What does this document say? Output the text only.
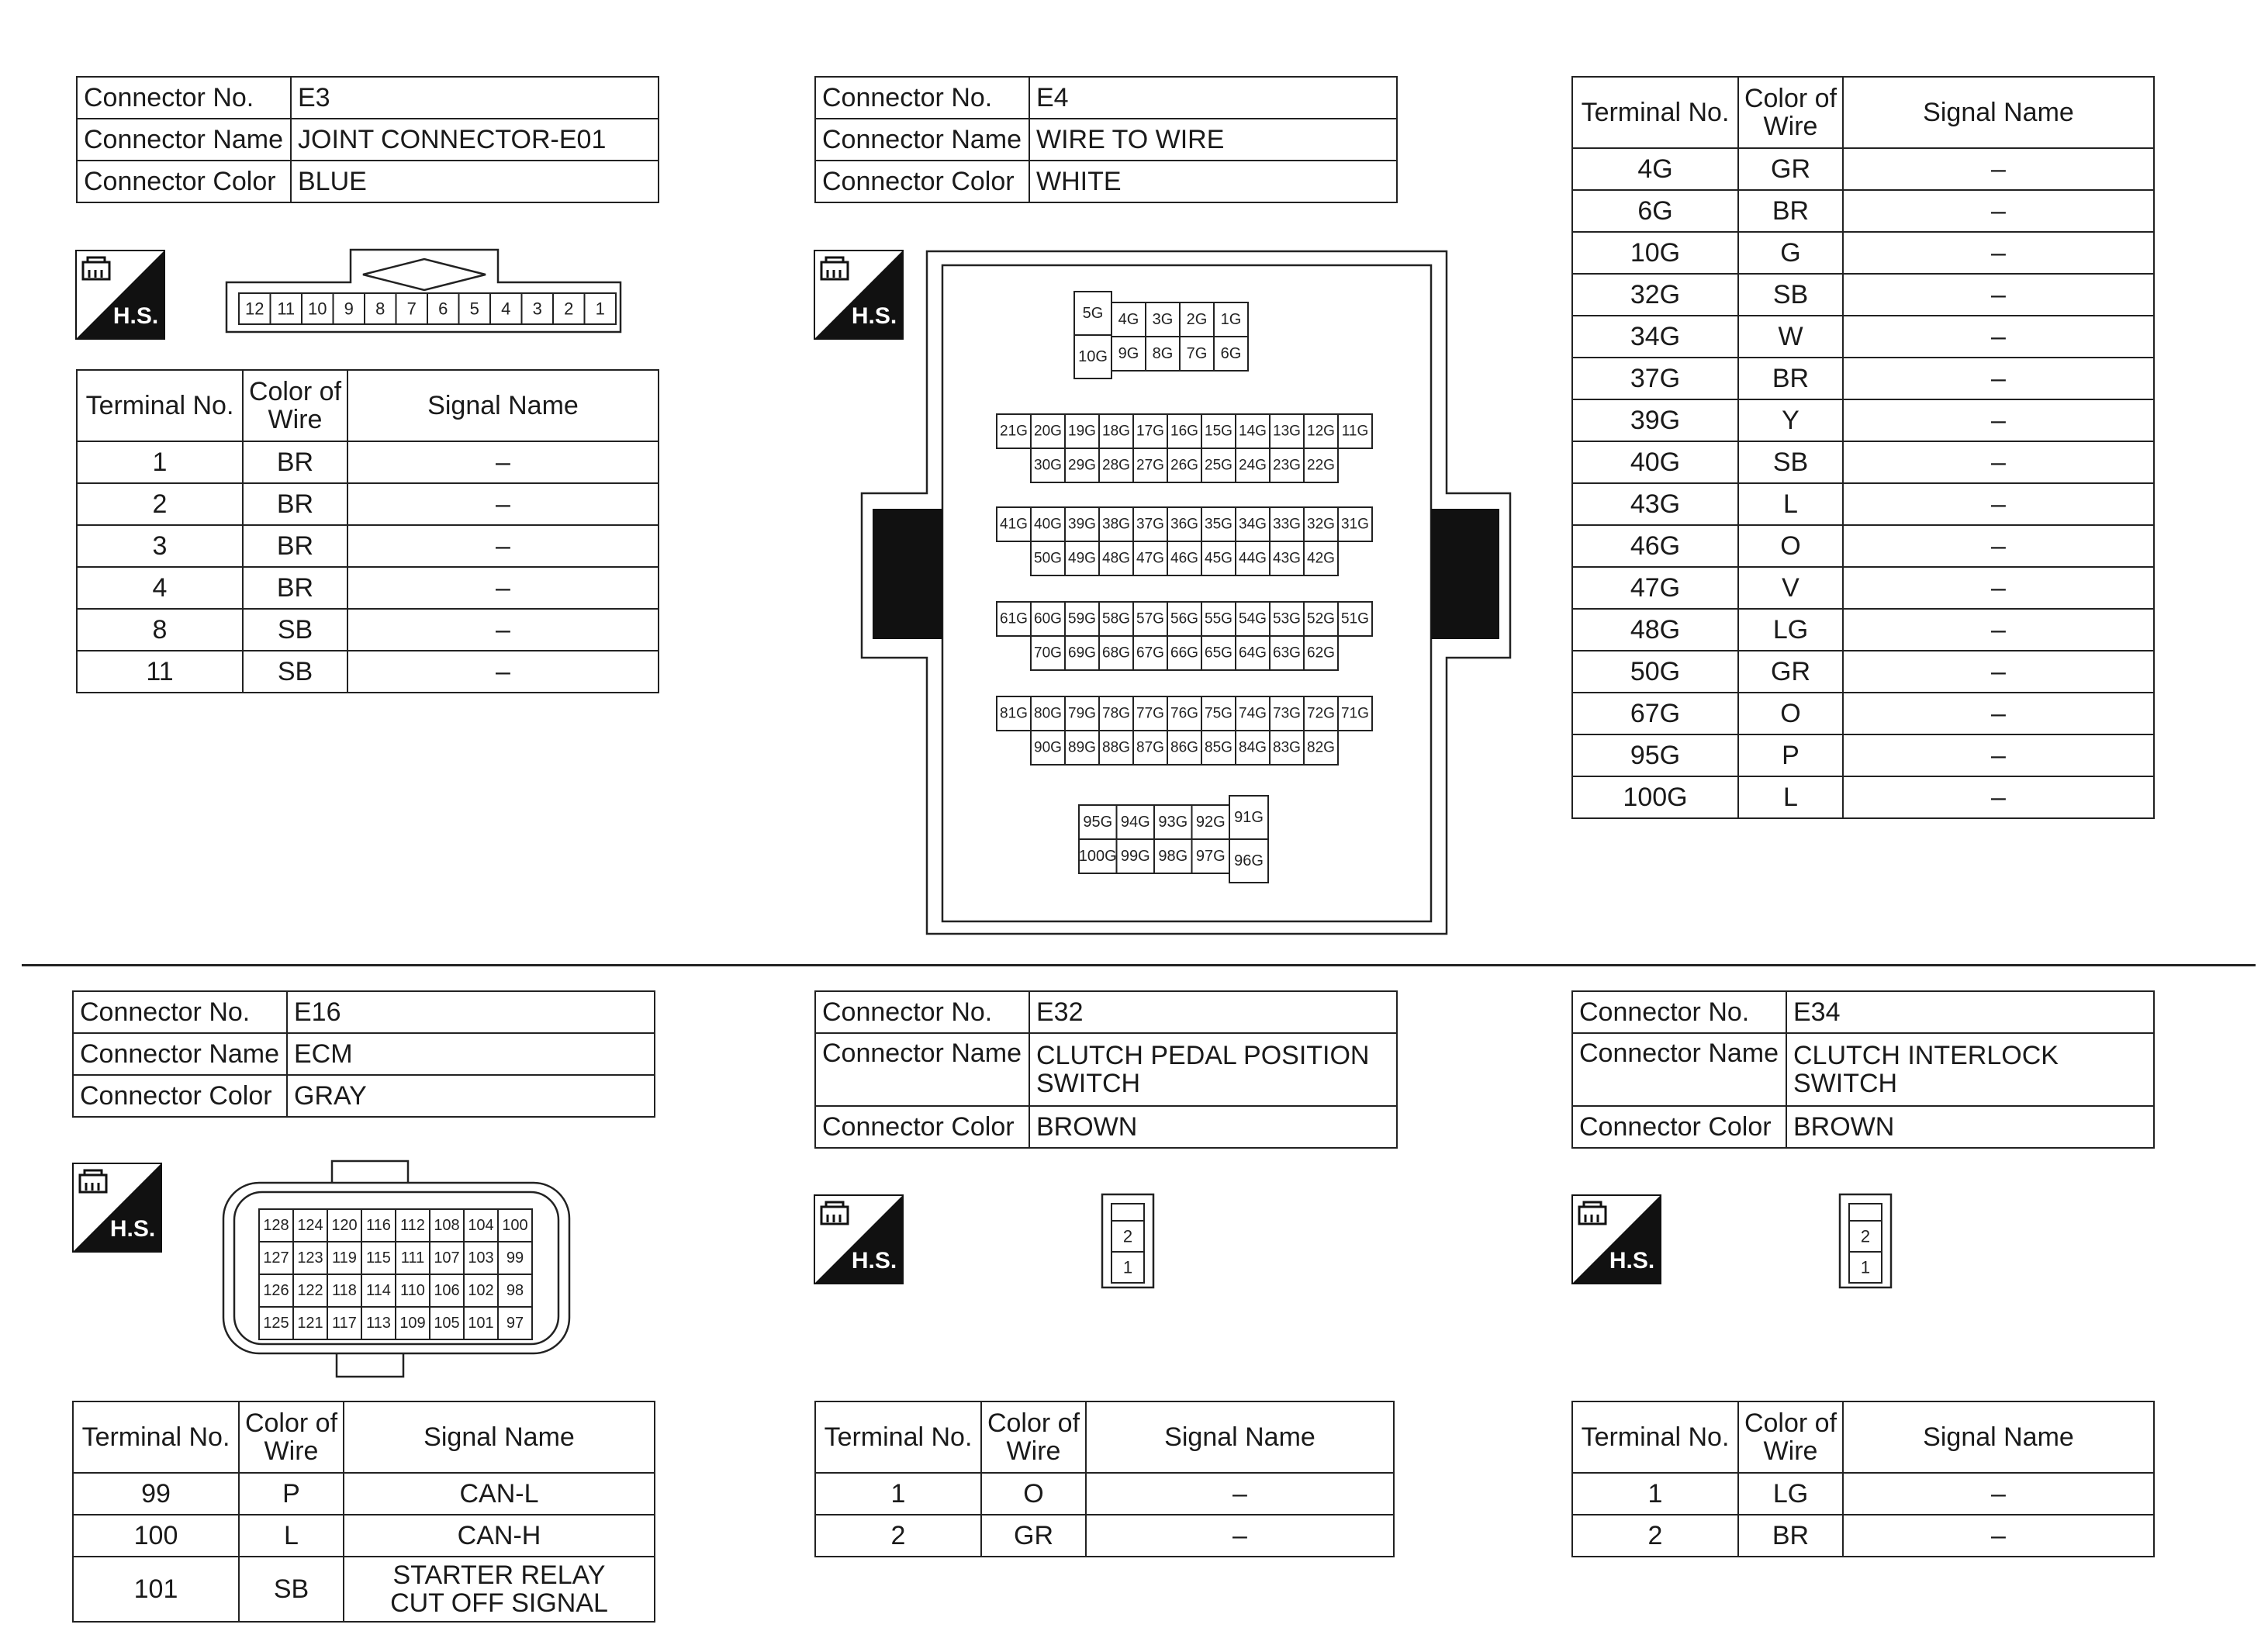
Connector No.	E3
Connector Name	JOINT CONNECTOR-E01
Connector Color	BLUE
H.S.	12 11 10 9 8 7 6 5 4 3 2 1
Terminal No.	Color of Wire	Signal Name
1	BR	–
2	BR	–
3	BR	–
4	BR	–
8	SB	–
11	SB	–
Connector No.	E4
Connector Name	WIRE TO WIRE
Connector Color	WHITE
H.S.	5G
10G
4G 3G 2G 1G
9G 8G 7G 6G
21G 20G 19G 18G 17G 16G 15G 14G 13G 12G 11G
30G 29G 28G 27G 26G 25G 24G 23G 22G
41G 40G 39G 38G 37G 36G 35G 34G 33G 32G 31G
50G 49G 48G 47G 46G 45G 44G 43G 42G
61G 60G 59G 58G 57G 56G 55G 54G 53G 52G 51G
70G 69G 68G 67G 66G 65G 64G 63G 62G
81G 80G 79G 78G 77G 76G 75G 74G 73G 72G 71G
90G 89G 88G 87G 86G 85G 84G 83G 82G
95G 94G 93G 92G
100G 99G 98G 97G
91G
96G
Terminal No.	Color of Wire	Signal Name
4G	GR	–
6G	BR	–
10G	G	–
32G	SB	–
34G	W	–
37G	BR	–
39G	Y	–
40G	SB	–
43G	L	–
46G	O	–
47G	V	–
48G	LG	–
50G	GR	–
67G	O	–
95G	P	–
100G	L	–
Connector No.	E16
Connector Name	ECM
Connector Color	GRAY
H.S.	128 124 120 116 112 108 104 100
127 123 119 115 111 107 103 99
126 122 118 114 110 106 102 98
125 121 117 113 109 105 101 97
Terminal No.	Color of Wire	Signal Name
99	P	CAN-L
100	L	CAN-H
101	SB	STARTER RELAY CUT OFF SIGNAL
Connector No.	E32
Connector Name	CLUTCH PEDAL POSITION SWITCH
Connector Color	BROWN
H.S.
2
1
Terminal No.	Color of Wire	Signal Name
1	O	–
2	GR	–
Connector No.	E34
Connector Name	CLUTCH INTERLOCK SWITCH
Connector Color	BROWN
H.S.
2
1
Terminal No.	Color of Wire	Signal Name
1	LG	–
2	BR	–
